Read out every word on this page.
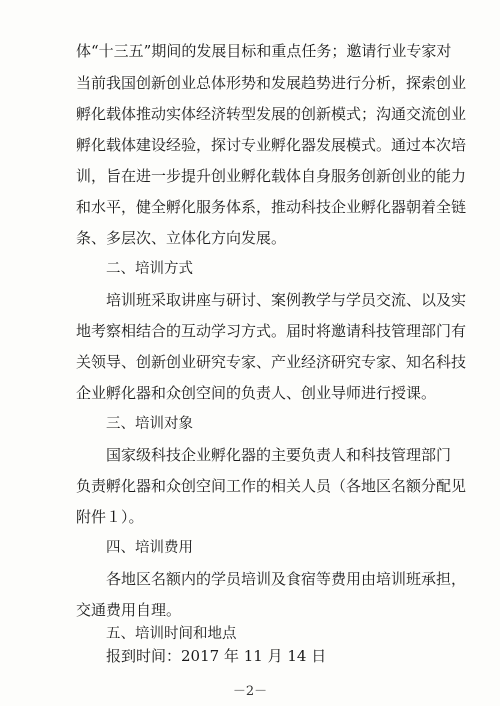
体“十三五”期间的发展目标和重点任务；邀请行业专家对
当前我国创新创业总体形势和发展趋势进行分析，探索创业
孵化载体推动实体经济转型发展的创新模式；沟通交流创业
孵化载体建设经验，探讨专业孵化器发展模式。通过本次培
训，旨在进一步提升创业孵化载体自身服务创新创业的能力
和水平，健全孵化服务体系，推动科技企业孵化器朝着全链
条、多层次、立体化方向发展。
二、培训方式
培训班采取讲座与研讨、案例教学与学员交流、以及实
地考察相结合的互动学习方式。届时将邀请科技管理部门有
关领导、创新创业研究专家、产业经济研究专家、知名科技
企业孵化器和众创空间的负责人、创业导师进行授课。
三、培训对象
国家级科技企业孵化器的主要负责人和科技管理部门
负责孵化器和众创空间工作的相关人员（各地区名额分配见
附件１）。
四、培训费用
各地区名额内的学员培训及食宿等费用由培训班承担，
交通费用自理。
－2－
五、培训时间和地点
报到时间：2017 年 11 月 14 日
